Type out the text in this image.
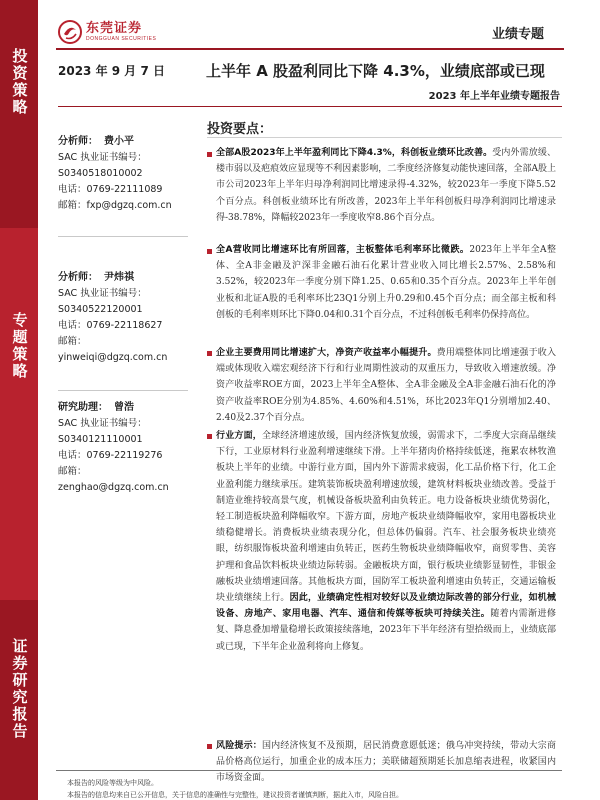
投资策略
专题策略
证券研究报告
东莞证券
DONGGUAN SECURITIES	业绩专题
2023 年 9 月 7 日	上半年 A 股盈利同比下降 4.3%，业绩底部或已现
2023 年上半年业绩专题报告
分析师： 费小平
SAC 执业证书编号：
S0340518010002
电话：0769-22111089
邮箱：fxp@dgzq.com.cn
分析师： 尹炜祺
SAC 执业证书编号：
S0340522120001
电话：0769-22118627
邮箱：
yinweiqi@dgzq.com.cn
研究助理： 曾浩
SAC 执业证书编号：
S0340121110001
电话：0769-22119276
邮箱：
zenghao@dgzq.com.cn
投资要点：
全部A股2023年上半年盈利同比下降4.3%，科创板业绩环比改善。受内外需放缓、楼市弱以及疤痕效应显现等不利因素影响，二季度经济修复动能快速回落，全部A股上市公司2023年上半年归母净利润同比增速录得-4.32%，较2023年一季度下降5.52个百分点。科创板业绩环比有所改善，2023年上半年科创板归母净利润同比增速录得-38.78%，降幅较2023年一季度收窄8.86个百分点。
全A营收同比增速环比有所回落，主板整体毛利率环比微跌。2023年上半年全A整体、全A非金融及沪深非金融石油石化累计营业收入同比增长2.57%、2.58%和3.52%，较2023年一季度分别下降1.25、0.65和0.35个百分点。2023年上半年创业板和北证A股的毛利率环比23Q1分别上升0.29和0.45个百分点；而全部主板和科创板的毛利率则环比下降0.04和0.31个百分点，不过科创板毛利率仍保持高位。
企业主要费用同比增速扩大，净资产收益率小幅提升。费用端整体同比增速强于收入端或体现收入端宏观经济下行和行业周期性波动的双重压力，导致收入增速放缓。净资产收益率ROE方面，2023上半年全A整体、全A非金融及全A非金融石油石化的净资产收益率ROE分别为4.85%、4.60%和4.51%，环比2023年Q1分别增加2.40、2.40及2.37个百分点。
行业方面，全球经济增速放缓，国内经济恢复放缓，弱需求下，二季度大宗商品继续下行，工业原材料行业盈利增速继续下滑。上半年猪肉价格持续低迷，拖累农林牧渔板块上半年的业绩。中游行业方面，国内外下游需求疲弱，化工品价格下行，化工企业盈利能力继续承压。建筑装饰板块盈利增速放缓，建筑材料板块业绩改善。受益于制造业维持较高景气度，机械设备板块盈利由负转正。电力设备板块业绩优势弱化，轻工制造板块盈利降幅收窄。下游方面，房地产板块业绩降幅收窄，家用电器板块业绩稳健增长。消费板块业绩表现分化，但总体仍偏弱。汽车、社会服务板块业绩亮眼，纺织服饰板块盈利增速由负转正，医药生物板块业绩降幅收窄，商贸零售、美容护理和食品饮料板块业绩边际转弱。金融板块方面，银行板块业绩影显韧性，非银金融板块业绩增速回落。其他板块方面，国防军工板块盈利增速由负转正，交通运输板块业绩继续上行。因此，业绩确定性相对较好以及业绩边际改善的部分行业，如机械设备、房地产、家用电器、汽车、通信和传媒等板块可持续关注。随着内需渐进修复、降息叠加增量稳增长政策接续落地，2023年下半年经济有望拾级而上，业绩底部或已现，下半年企业盈利将向上修复。
风险提示：国内经济恢复不及预期，居民消费意愿低迷；俄乌冲突持续，带动大宗商品价格高位运行，加重企业的成本压力；美联储超预期延长加息缩表进程，收紧国内市场资金面。
本报告的风险等级为中风险。
本报告的信息均来自已公开信息，关于信息的准确性与完整性，建议投资者谨慎判断，据此入市，风险自担。
